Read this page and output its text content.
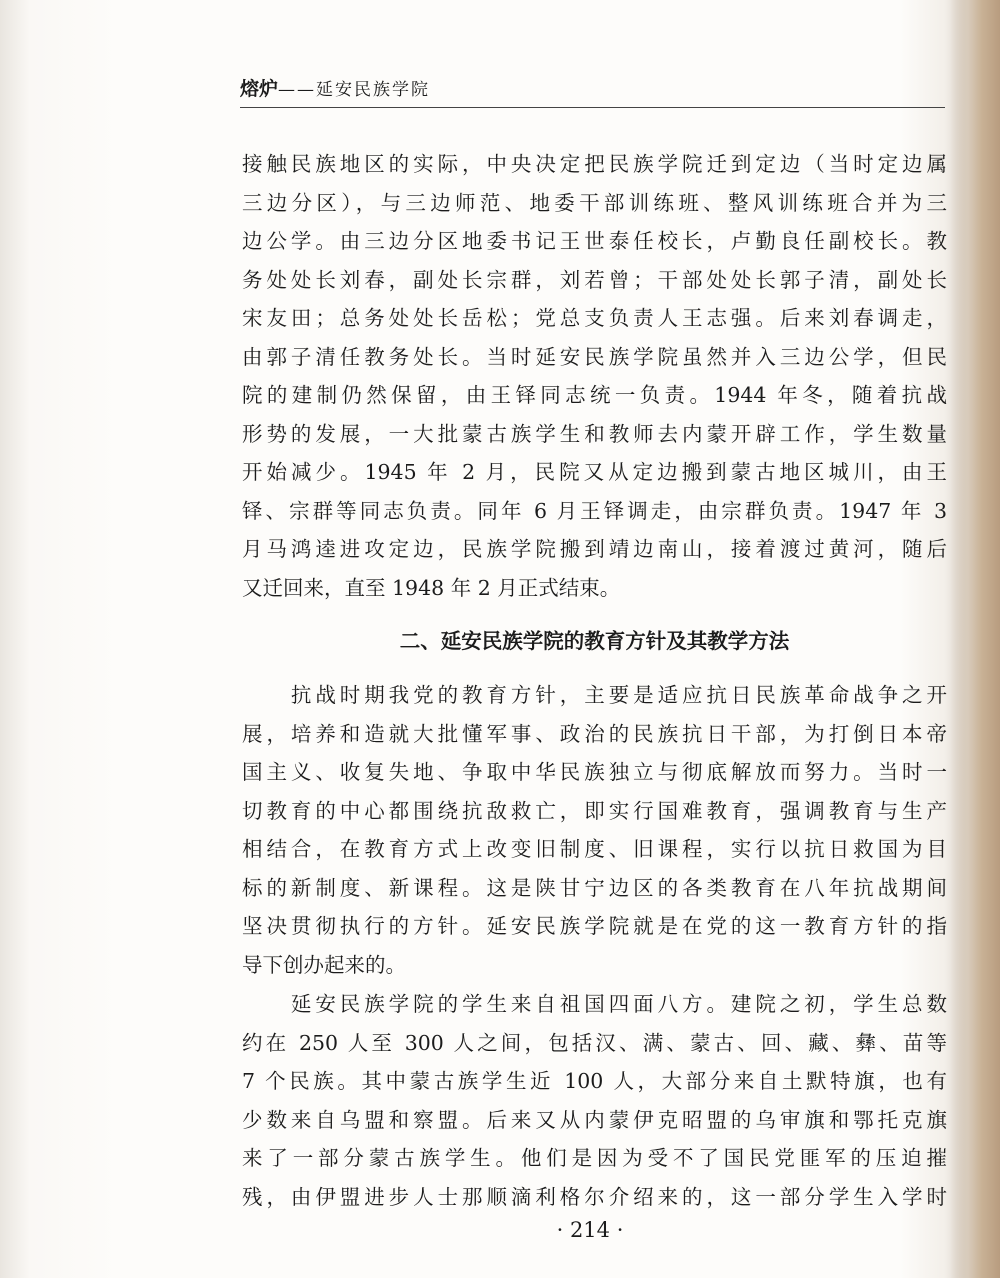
熔炉——延安民族学院
接触民族地区的实际，中央决定把民族学院迁到定边（当时定边属
三边分区），与三边师范、地委干部训练班、整风训练班合并为三
边公学。由三边分区地委书记王世泰任校长，卢勤良任副校长。教
务处处长刘春，副处长宗群，刘若曾；干部处处长郭子清，副处长
宋友田；总务处处长岳松；党总支负责人王志强。后来刘春调走，
由郭子清任教务处长。当时延安民族学院虽然并入三边公学，但民
院的建制仍然保留，由王铎同志统一负责。1944 年冬，随着抗战
形势的发展，一大批蒙古族学生和教师去内蒙开辟工作，学生数量
开始减少。1945 年 2 月，民院又从定边搬到蒙古地区城川，由王
铎、宗群等同志负责。同年 6 月王铎调走，由宗群负责。1947 年 3
月马鸿逵进攻定边，民族学院搬到靖边南山，接着渡过黄河，随后
又迁回来，直至 1948 年 2 月正式结束。
二、延安民族学院的教育方针及其教学方法
　　抗战时期我党的教育方针，主要是适应抗日民族革命战争之开
展，培养和造就大批懂军事、政治的民族抗日干部，为打倒日本帝
国主义、收复失地、争取中华民族独立与彻底解放而努力。当时一
切教育的中心都围绕抗敌救亡，即实行国难教育，强调教育与生产
相结合，在教育方式上改变旧制度、旧课程，实行以抗日救国为目
标的新制度、新课程。这是陕甘宁边区的各类教育在八年抗战期间
坚决贯彻执行的方针。延安民族学院就是在党的这一教育方针的指
导下创办起来的。
　　延安民族学院的学生来自祖国四面八方。建院之初，学生总数
约在 250 人至 300 人之间，包括汉、满、蒙古、回、藏、彝、苗等
7 个民族。其中蒙古族学生近 100 人，大部分来自土默特旗，也有
少数来自乌盟和察盟。后来又从内蒙伊克昭盟的乌审旗和鄂托克旗
来了一部分蒙古族学生。他们是因为受不了国民党匪军的压迫摧
残，由伊盟进步人士那顺滴利格尔介绍来的，这一部分学生入学时
· 214 ·
